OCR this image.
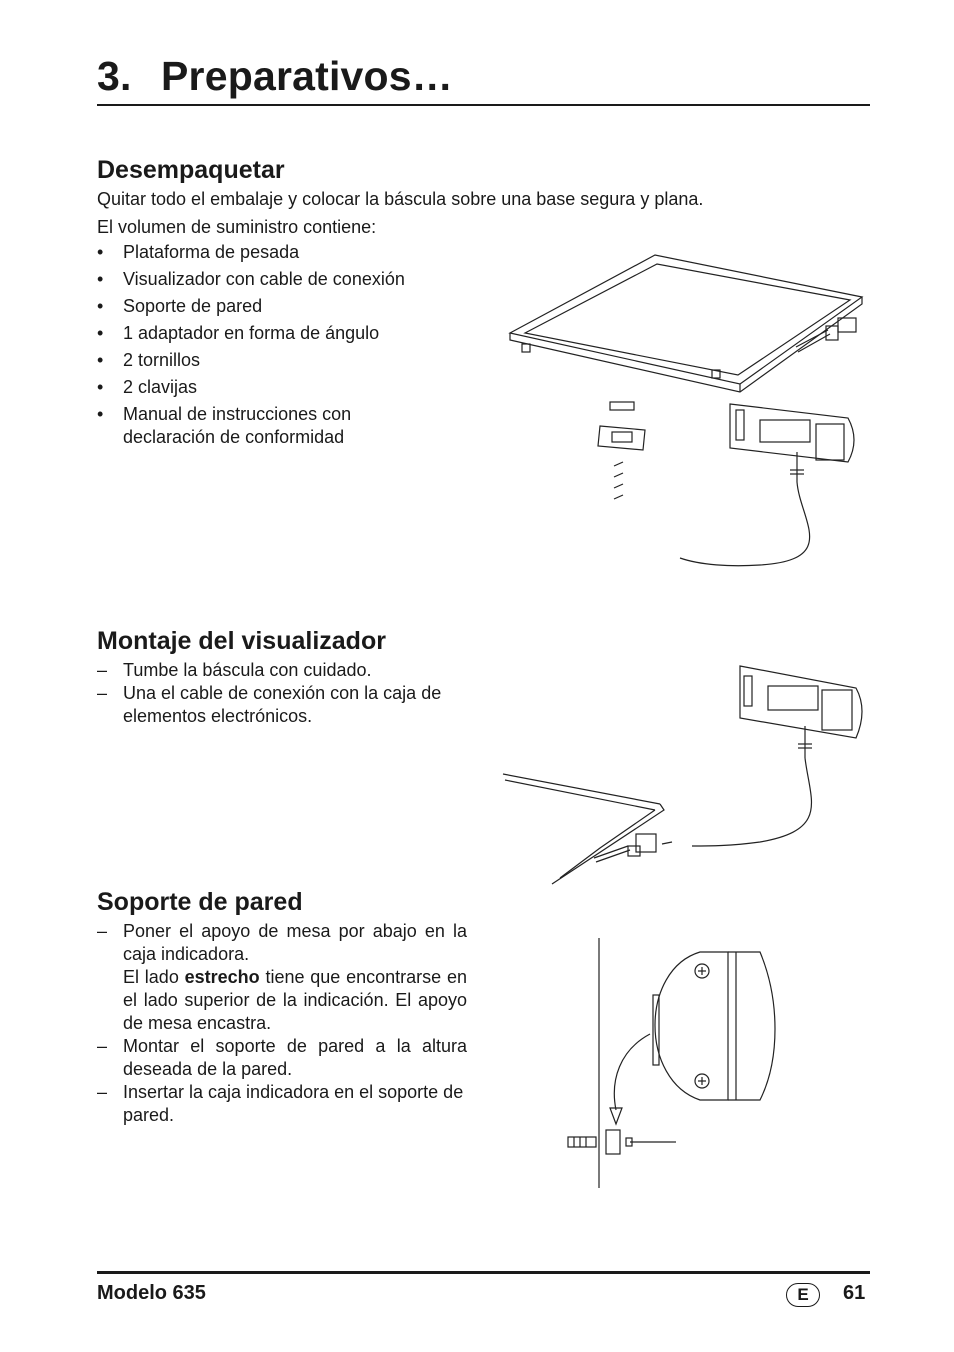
3. Preparativos…
Desempaquetar
Quitar todo el embalaje y colocar la báscula sobre una base segura y plana.
El volumen de suministro contiene:
• Plataforma de pesada
• Visualizador con cable de conexión
• Soporte de pared
• 1 adaptador en forma de ángulo
• 2 tornillos
• 2 clavijas
• Manual de instrucciones con declaración de conformidad
Montaje del visualizador
– Tumbe la báscula con cuidado.
– Una el cable de conexión con la caja de elementos electrónicos.
Soporte de pared
– Poner el apoyo de mesa por abajo en la caja indicadora.
El lado estrecho tiene que encontrarse en el lado superior de la indicación. El apoyo de mesa encastra.
– Montar el soporte de pared a la altura deseada de la pared.
– Insertar la caja indicadora en el soporte de pared.
Modelo 635	E	61
